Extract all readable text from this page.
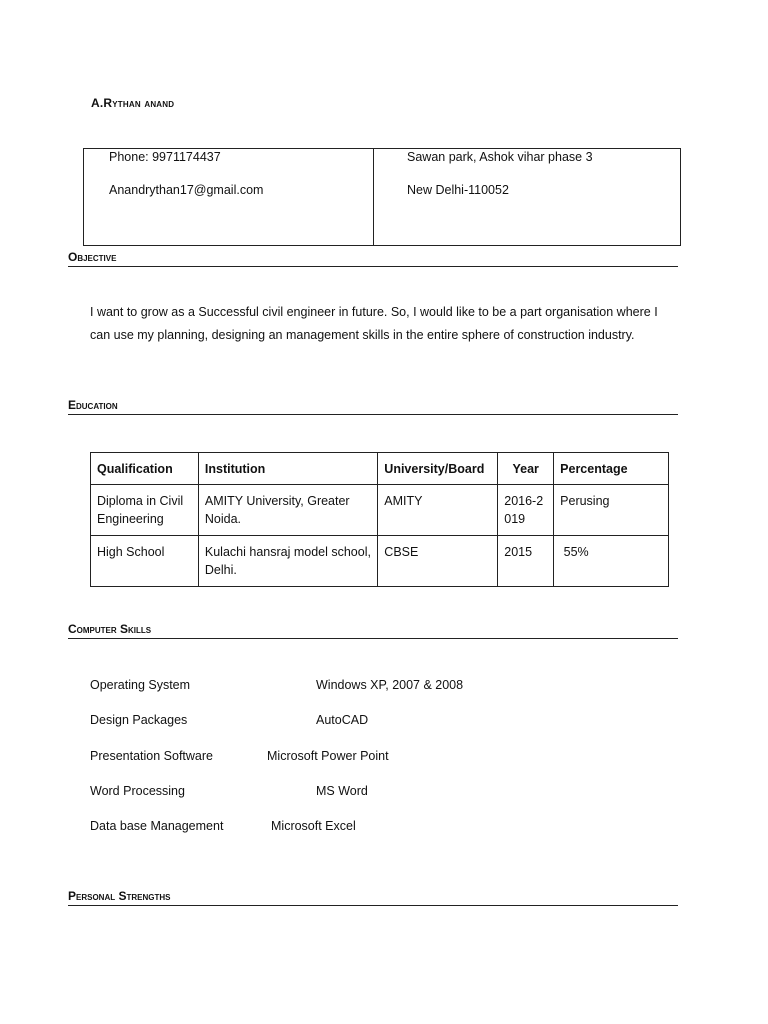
A.Rythan anand
Phone: 9971174437
Anandrythan17@gmail.com
Sawan park, Ashok vihar phase 3
New Delhi-110052
Objective
I want to grow as a Successful civil engineer in future. So, I would like to be a part organisation where I
can use my planning, designing an management skills in the entire sphere of construction industry.
Education
Qualification	Institution	University/Board	Year	Percentage
Diploma in Civil Engineering	AMITY University, Greater Noida.	AMITY	2016-2019	Perusing
High School	Kulachi hansraj model school, Delhi.	CBSE	2015	55%
Computer Skills
Operating System	Windows XP, 2007 & 2008
Design Packages	AutoCAD
Presentation Software	Microsoft Power Point
Word Processing	MS Word
Data base Management	Microsoft Excel
Personal Strengths
